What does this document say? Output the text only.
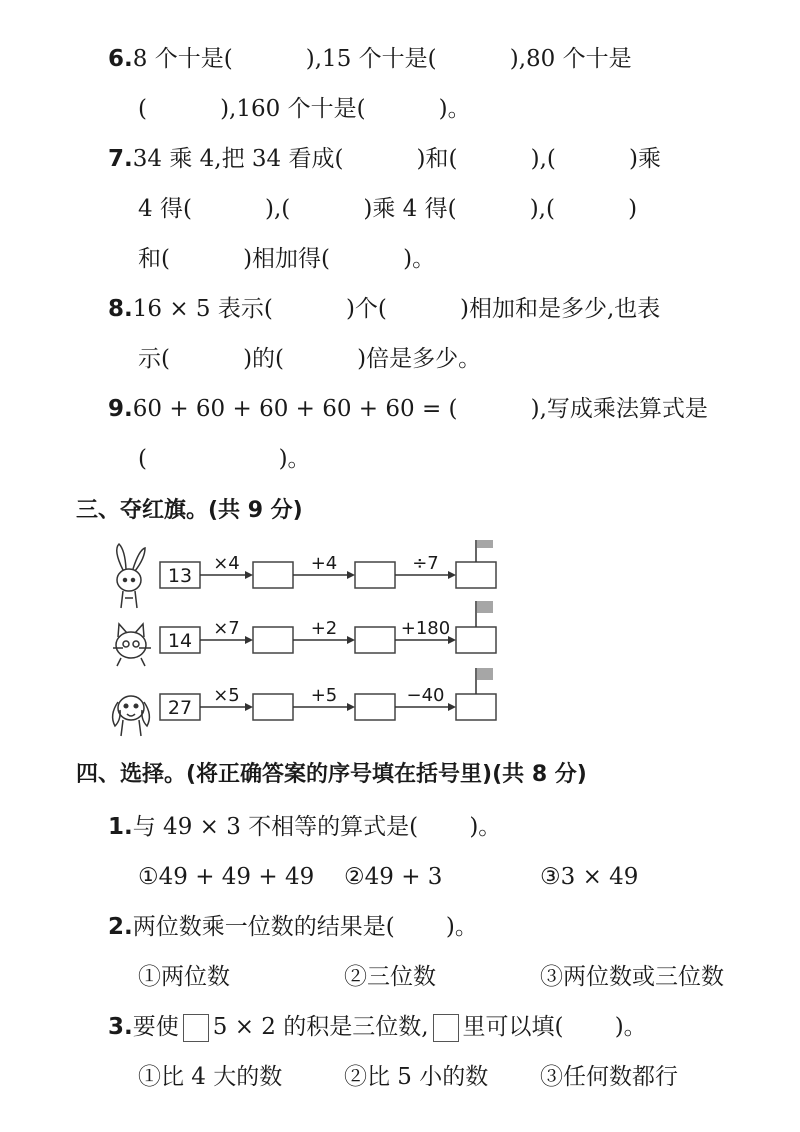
6.8 个十是(          ),15 个十是(          ),80 个十是
(          ),160 个十是(          )。
7.34 乘 4,把 34 看成(          )和(          ),(          )乘
4 得(          ),(          )乘 4 得(          ),(          )
和(          )相加得(          )。
8.16 × 5 表示(          )个(          )相加和是多少,也表
示(          )的(          )倍是多少。
9.60 + 60 + 60 + 60 + 60 = (          ),写成乘法算式是
(                  )。
三、夺红旗。(共 9 分)
13
×4	+4	÷7
14
×7	+2	+180
27
×5	+5	−40
四、选择。(将正确答案的序号填在括号里)(共 8 分)
1.与 49 × 3 不相等的算式是(       )。
①49 + 49 + 49 ②49 + 3	③3 × 49
2.两位数乘一位数的结果是(       )。
①两位数	②三位数	③两位数或三位数
3.要使 5 × 2 的积是三位数, 里可以填(       )。
①比 4 大的数	②比 5 小的数 ③任何数都行
